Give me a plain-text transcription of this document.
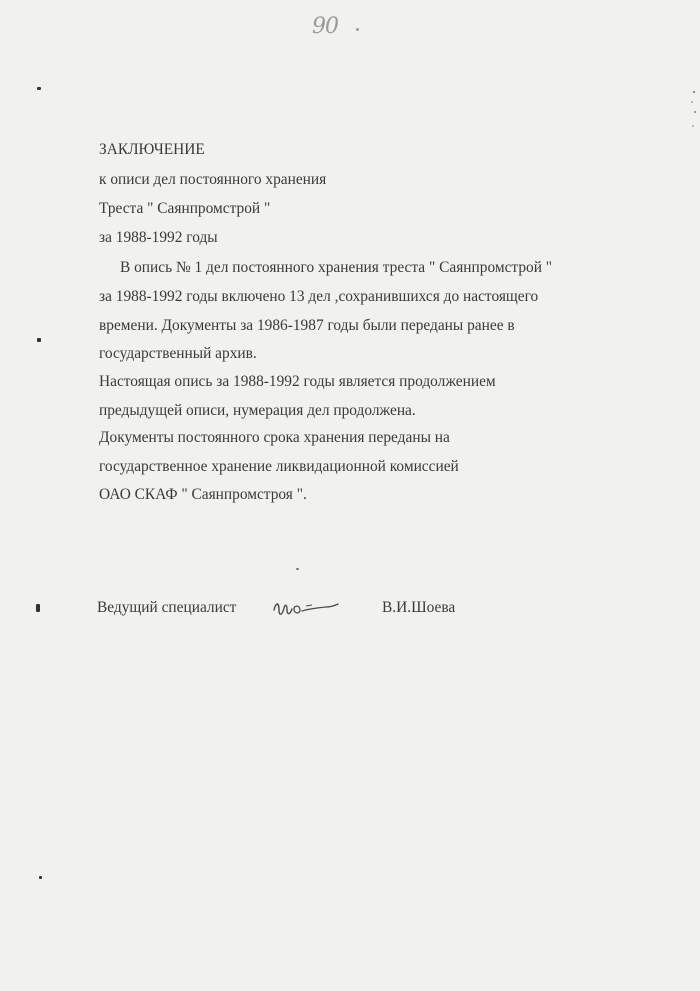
90
ЗАКЛЮЧЕНИЕ
к описи дел постоянного хранения
Треста " Саянпромстрой "
за 1988-1992 годы
В опись № 1 дел постоянного хранения треста " Саянпромстрой "
за 1988-1992 годы включено 13 дел ,сохранившихся до настоящего
времени. Документы за 1986-1987 годы были переданы ранее в
государственный архив.
Настоящая опись за 1988-1992 годы является продолжением
предыдущей описи, нумерация дел продолжена.
Документы постоянного срока хранения переданы на
государственное хранение ликвидационной комиссией
ОАО СКАФ " Саянпромстроя ".
Ведущий специалист	В.И.Шоева
